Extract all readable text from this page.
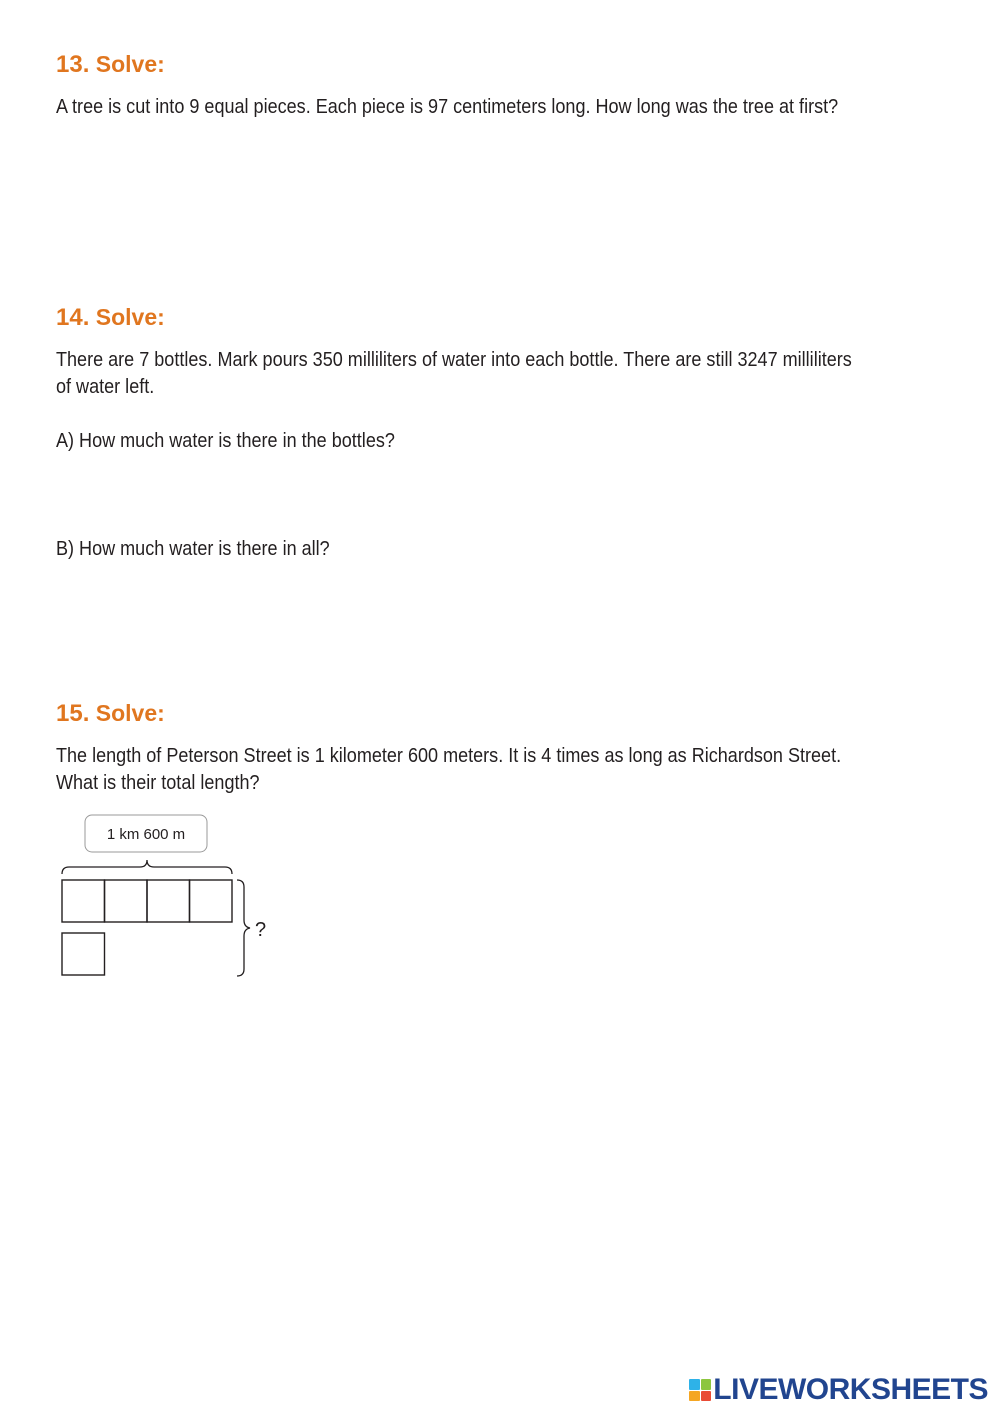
13. Solve:

A tree is cut into 9 equal pieces. Each piece is 97 centimeters long. How long was the tree at first?

14. Solve:

There are 7 bottles. Mark pours 350 milliliters of water into each bottle. There are still 3247 milliliters

of water left.

A) How much water is there in the bottles?

B) How much water is there in all?

15. Solve:

The length of Peterson Street is 1 kilometer 600 meters. It is 4 times as long as Richardson Street.

What is their total length?

1 km 600 m
?
LIVEWORKSHEETS
